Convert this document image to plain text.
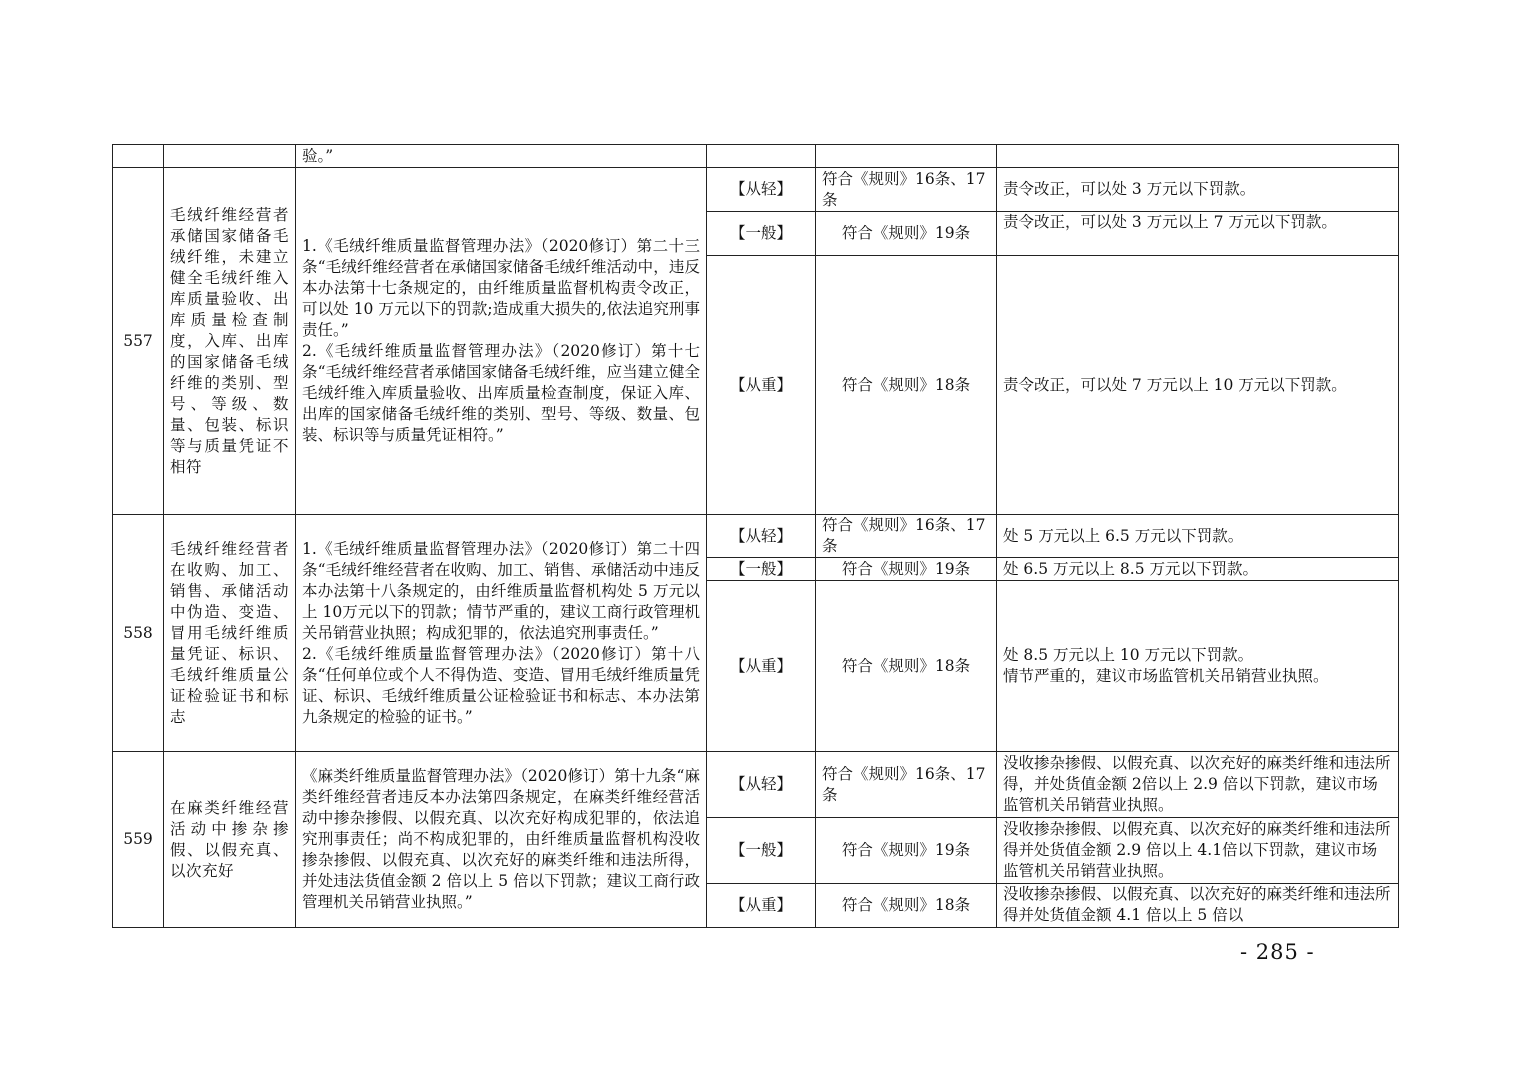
		验。”			
557	毛绒纤维经营者承储国家储备毛绒纤维，未建立健全毛绒纤维入库质量验收、出库质量检查制度，入库、出库的国家储备毛绒纤维的类别、型号、等级、数量、包装、标识等与质量凭证不相符	1.《毛绒纤维质量监督管理办法》（2020修订）第二十三条“毛绒纤维经营者在承储国家储备毛绒纤维活动中，违反本办法第十七条规定的，由纤维质量监督机构责令改正，可以处 10 万元以下的罚款;造成重大损失的,依法追究刑事责任。”
2.《毛绒纤维质量监督管理办法》（2020修订）第十七条“毛绒纤维经营者承储国家储备毛绒纤维，应当建立健全毛绒纤维入库质量验收、出库质量检查制度，保证入库、出库的国家储备毛绒纤维的类别、型号、等级、数量、包装、标识等与质量凭证相符。”	【从轻】	符合《规则》16条、17条	责令改正，可以处 3 万元以下罚款。
			【一般】	符合《规则》19条	责令改正，可以处 3 万元以上 7 万元以下罚款。
			【从重】	符合《规则》18条	责令改正，可以处 7 万元以上 10 万元以下罚款。
558	毛绒纤维经营者在收购、加工、销售、承储活动中伪造、变造、冒用毛绒纤维质量凭证、标识、毛绒纤维质量公证检验证书和标志	1.《毛绒纤维质量监督管理办法》（2020修订）第二十四条“毛绒纤维经营者在收购、加工、销售、承储活动中违反本办法第十八条规定的，由纤维质量监督机构处 5 万元以上 10万元以下的罚款；情节严重的，建议工商行政管理机关吊销营业执照；构成犯罪的，依法追究刑事责任。”
2.《毛绒纤维质量监督管理办法》（2020修订）第十八条“任何单位或个人不得伪造、变造、冒用毛绒纤维质量凭证、标识、毛绒纤维质量公证检验证书和标志、本办法第九条规定的检验的证书。”	【从轻】	符合《规则》16条、17条	处 5 万元以上 6.5 万元以下罚款。
			【一般】	符合《规则》19条	处 6.5 万元以上 8.5 万元以下罚款。
			【从重】	符合《规则》18条	处 8.5 万元以上 10 万元以下罚款。
情节严重的，建议市场监管机关吊销营业执照。
559	在麻类纤维经营活动中掺杂掺假、以假充真、以次充好	《麻类纤维质量监督管理办法》（2020修订）第十九条“麻类纤维经营者违反本办法第四条规定，在麻类纤维经营活动中掺杂掺假、以假充真、以次充好构成犯罪的，依法追究刑事责任；尚不构成犯罪的，由纤维质量监督机构没收掺杂掺假、以假充真、以次充好的麻类纤维和违法所得，并处违法货值金额 2 倍以上 5 倍以下罚款；建议工商行政管理机关吊销营业执照。”	【从轻】	符合《规则》16条、17条	没收掺杂掺假、以假充真、以次充好的麻类纤维和违法所得，并处货值金额 2倍以上 2.9 倍以下罚款，建议市场监管机关吊销营业执照。
			【一般】	符合《规则》19条	没收掺杂掺假、以假充真、以次充好的麻类纤维和违法所得并处货值金额 2.9 倍以上 4.1倍以下罚款，建议市场监管机关吊销营业执照。
			【从重】	符合《规则》18条	没收掺杂掺假、以假充真、以次充好的麻类纤维和违法所得并处货值金额 4.1 倍以上 5 倍以
- 285 -
